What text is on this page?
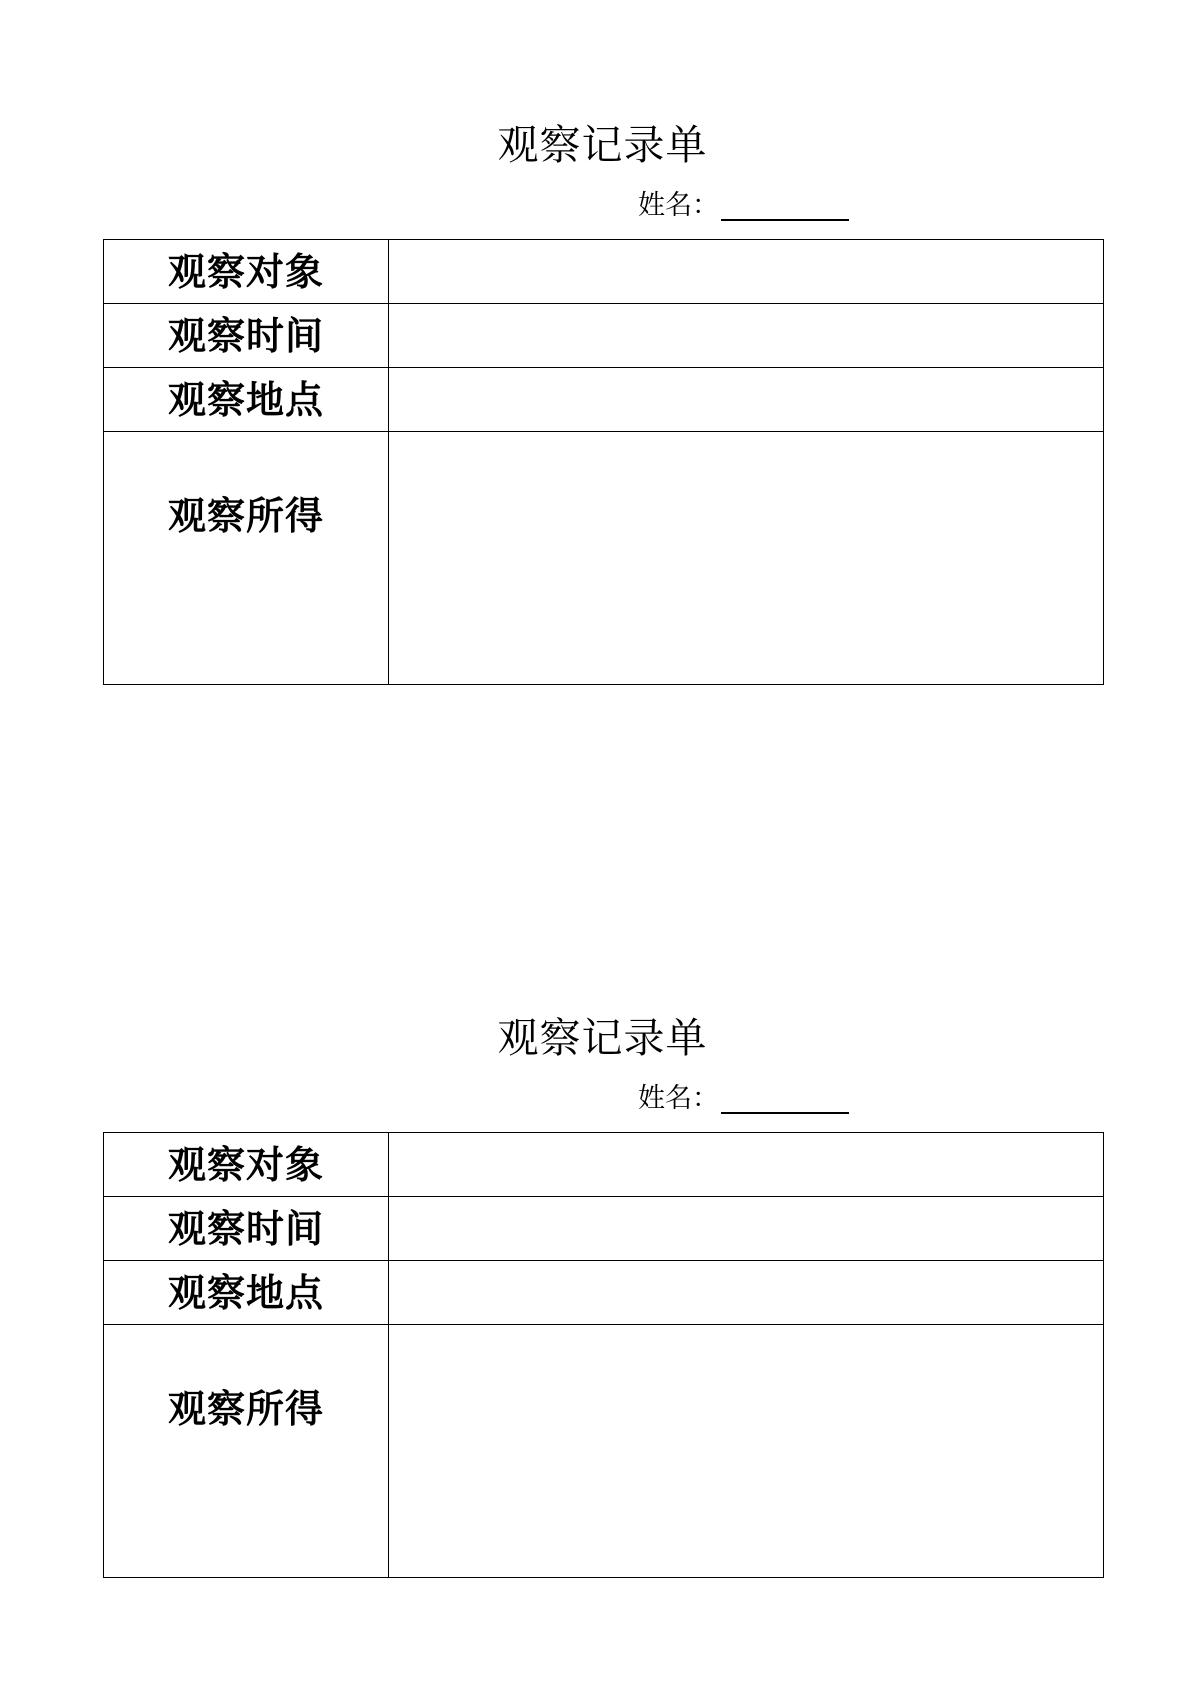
观察记录单
姓名：
观察对象	
观察时间	
观察地点	
观察所得	
观察记录单
姓名：
观察对象	
观察时间	
观察地点	
观察所得	
